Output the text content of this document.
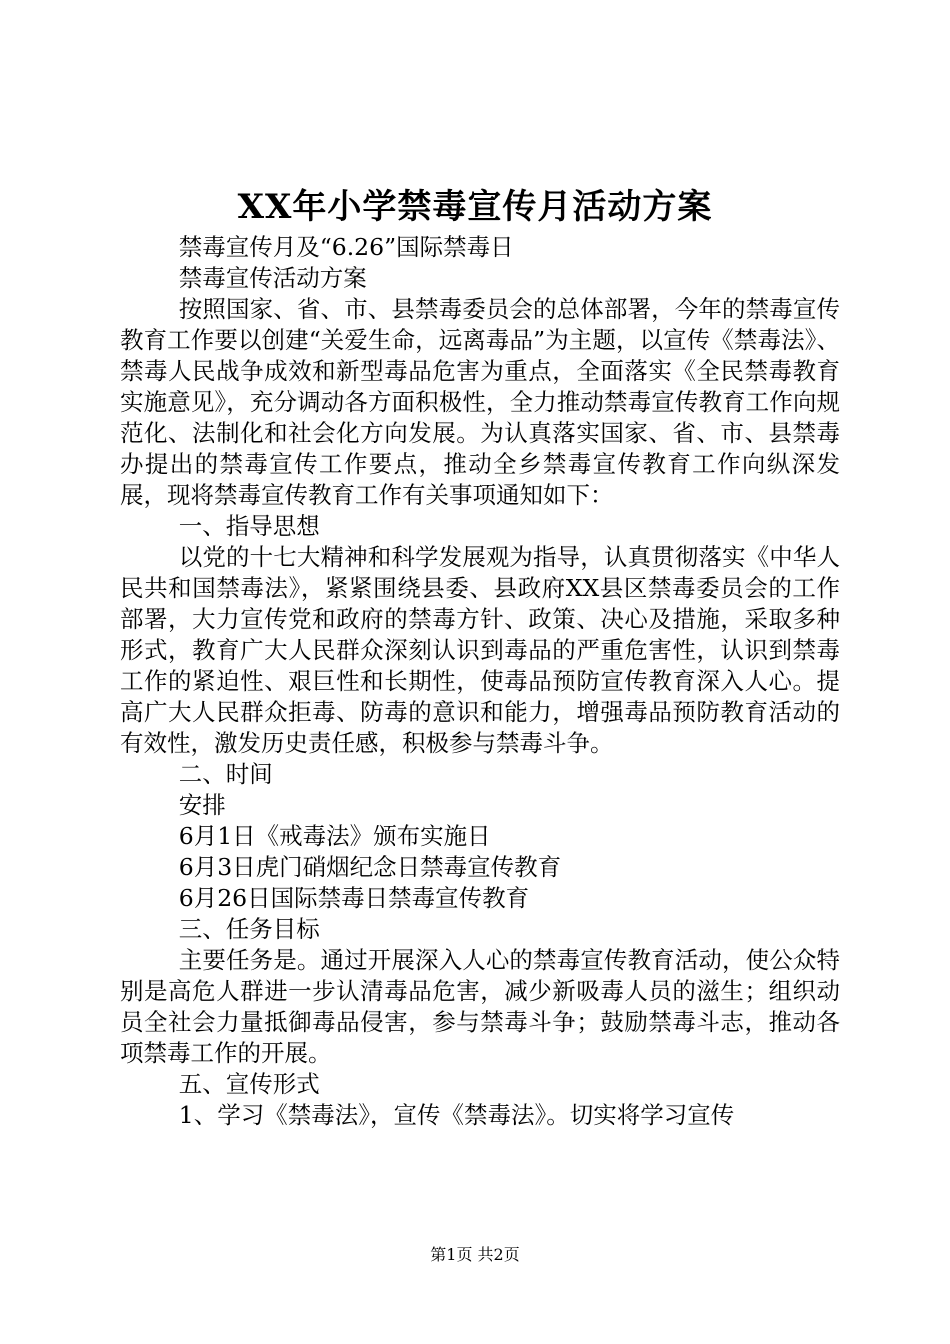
XX年小学禁毒宣传月活动方案

禁毒宣传月及“6.26”国际禁毒日

禁毒宣传活动方案

按照国家、省、市、县禁毒委员会的总体部署，今年的禁毒宣传教育工作要以创建“关爱生命，远离毒品”为主题，以宣传《禁毒法》、禁毒人民战争成效和新型毒品危害为重点，全面落实《全民禁毒教育实施意见》，充分调动各方面积极性，全力推动禁毒宣传教育工作向规范化、法制化和社会化方向发展。为认真落实国家、省、市、县禁毒办提出的禁毒宣传工作要点，推动全乡禁毒宣传教育工作向纵深发展，现将禁毒宣传教育工作有关事项通知如下：

一、指导思想

以党的十七大精神和科学发展观为指导，认真贯彻落实《中华人民共和国禁毒法》，紧紧围绕县委、县政府XX县区禁毒委员会的工作部署，大力宣传党和政府的禁毒方针、政策、决心及措施，采取多种形式，教育广大人民群众深刻认识到毒品的严重危害性，认识到禁毒工作的紧迫性、艰巨性和长期性，使毒品预防宣传教育深入人心。提高广大人民群众拒毒、防毒的意识和能力，增强毒品预防教育活动的有效性，激发历史责任感，积极参与禁毒斗争。

二、时间

安排

6月1日《戒毒法》颁布实施日

6月3日虎门硝烟纪念日禁毒宣传教育

6月26日国际禁毒日禁毒宣传教育

三、任务目标

主要任务是。通过开展深入人心的禁毒宣传教育活动，使公众特别是高危人群进一步认清毒品危害，减少新吸毒人员的滋生；组织动员全社会力量抵御毒品侵害，参与禁毒斗争；鼓励禁毒斗志，推动各项禁毒工作的开展。

五、宣传形式

1、学习《禁毒法》，宣传《禁毒法》。切实将学习宣传

第1页 共2页
